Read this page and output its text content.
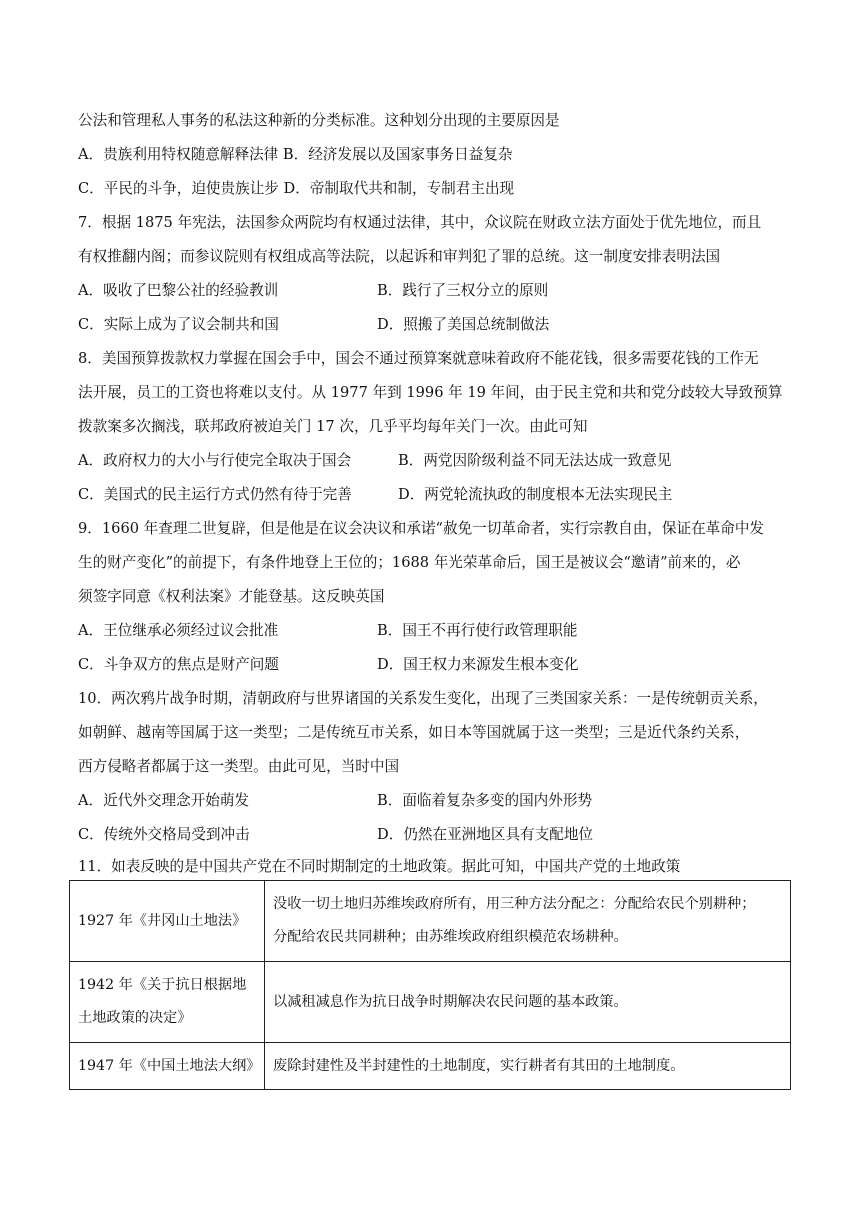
公法和管理私人事务的私法这种新的分类标准。这种划分出现的主要原因是
A．贵族利用特权随意解释法律 B．经济发展以及国家事务日益复杂
C．平民的斗争，迫使贵族让步 D．帝制取代共和制，专制君主出现
7．根据 1875 年宪法，法国参众两院均有权通过法律，其中，众议院在财政立法方面处于优先地位，而且
有权推翻内阁；而参议院则有权组成高等法院，以起诉和审判犯了罪的总统。这一制度安排表明法国
A．吸收了巴黎公社的经验教训	B．践行了三权分立的原则
C．实际上成为了议会制共和国	D．照搬了美国总统制做法
8．美国预算拨款权力掌握在国会手中，国会不通过预算案就意味着政府不能花钱，很多需要花钱的工作无
法开展，员工的工资也将难以支付。从 1977 年到 1996 年 19 年间，由于民主党和共和党分歧较大导致预算
拨款案多次搁浅，联邦政府被迫关门 17 次，几乎平均每年关门一次。由此可知
A．政府权力的大小与行使完全取决于国会	B．两党因阶级利益不同无法达成一致意见
C．美国式的民主运行方式仍然有待于完善	D．两党轮流执政的制度根本无法实现民主
9．1660 年查理二世复辟，但是他是在议会决议和承诺“赦免一切革命者，实行宗教自由，保证在革命中发
生的财产变化”的前提下，有条件地登上王位的；1688 年光荣革命后，国王是被议会“邀请”前来的，必
须签字同意《权利法案》才能登基。这反映英国
A．王位继承必须经过议会批准	B．国王不再行使行政管理职能
C．斗争双方的焦点是财产问题	D．国王权力来源发生根本变化
10．两次鸦片战争时期，清朝政府与世界诸国的关系发生变化，出现了三类国家关系：一是传统朝贡关系，
如朝鲜、越南等国属于这一类型；二是传统互市关系，如日本等国就属于这一类型；三是近代条约关系，
西方侵略者都属于这一类型。由此可见，当时中国
A．近代外交理念开始萌发	B．面临着复杂多变的国内外形势
C．传统外交格局受到冲击	D．仍然在亚洲地区具有支配地位
11．如表反映的是中国共产党在不同时期制定的土地政策。据此可知，中国共产党的土地政策
1927 年《井冈山土地法》	没收一切土地归苏维埃政府所有，用三种方法分配之：分配给农民个别耕种；
分配给农民共同耕种；由苏维埃政府组织模范农场耕种。
1942 年《关于抗日根据地
土地政策的决定》	以减租减息作为抗日战争时期解决农民问题的基本政策。
1947 年《中国土地法大纲》	废除封建性及半封建性的土地制度，实行耕者有其田的土地制度。
